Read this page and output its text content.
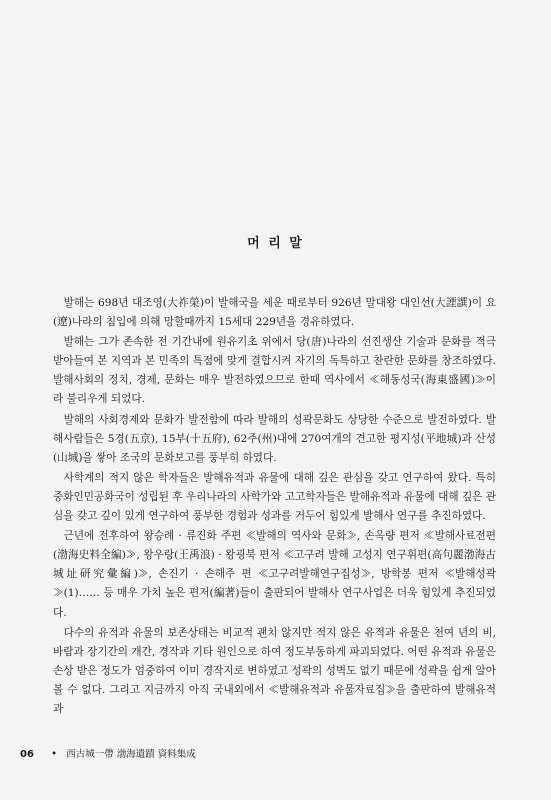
머 리 말

발해는 698년 대조영(大祚榮)이 발해국을 세운 때로부터 926년 말대왕 대인선(大諲譔)이 요(遼)나라의 침입에 의해 망할때까지 15세대 229년을 경유하였다.

발해는 그가 존속한 전 기간내에 원유기초 위에서 당(唐)나라의 선진생산 기술과 문화를 적극 받아들여 본 지역과 본 민족의 특점에 맞게 결합시켜 자기의 독특하고 찬란한 문화를 창조하였다. 발해사회의 정치, 경제, 문화는 매우 발전하였으므로 한때 역사에서 ≪해동성국(海東盛國)≫이라 불리우게 되었다.

발해의 사회경제와 문화가 발전함에 따라 발해의 성곽문화도 상당한 수준으로 발전하였다. 발해사람들은 5경(五京), 15부(十五府), 62주(州)내에 270여개의 견고한 평지성(平地城)과 산성(山城)을 쌓아 조국의 문화보고를 풍부히 하였다.

사학계의 적지 않은 학자들은 발해유적과 유물에 대해 깊은 관심을 갖고 연구하여 왔다. 특히 중화인민공화국이 성립된 후 우리나라의 사학가와 고고학자들은 발해유적과 유물에 대해 깊은 관심을 갖고 깊이 있게 연구하여 풍부한 경험과 성과를 거두어 힘있게 발해사 연구를 추진하였다.

근년에 전후하여 왕승례 · 류진화 주편 ≪발해의 역사와 문화≫, 손옥량 편저 ≪발해사료전편(渤海史料全編)≫, 왕우랑(王禹浪) · 왕굉북 편저 ≪고구려 발해 고성지 연구휘편(高句麗渤海古城址研究彙編)≫, 손진기 · 손해주 편 ≪고구려발해연구집성≫, 방학봉 편저 ≪발해성곽≫(1)…… 등 매우 가치 높은 편저(編著)들이 출판되어 발해사 연구사업은 더욱 힘있게 추진되었다.

다수의 유적과 유물의 보존상태는 비교적 괜치 않지만 적지 않은 유적과 유물은 천여 년의 비, 바람과 장기간의 개간, 경작과 기타 원인으로 하여 정도부동하게 파괴되었다. 어떤 유적과 유물은 손상 받은 정도가 엄중하여 이미 경작지로 변하였고 성곽의 성벽도 없기 때문에 성곽을 쉽게 알아볼 수 없다. 그리고 지금까지 아직 국내외에서 ≪발해유적과 유물자료집≫을 출판하여 발해유적과

06 • 西古城一帶 渤海遺蹟 資料集成
